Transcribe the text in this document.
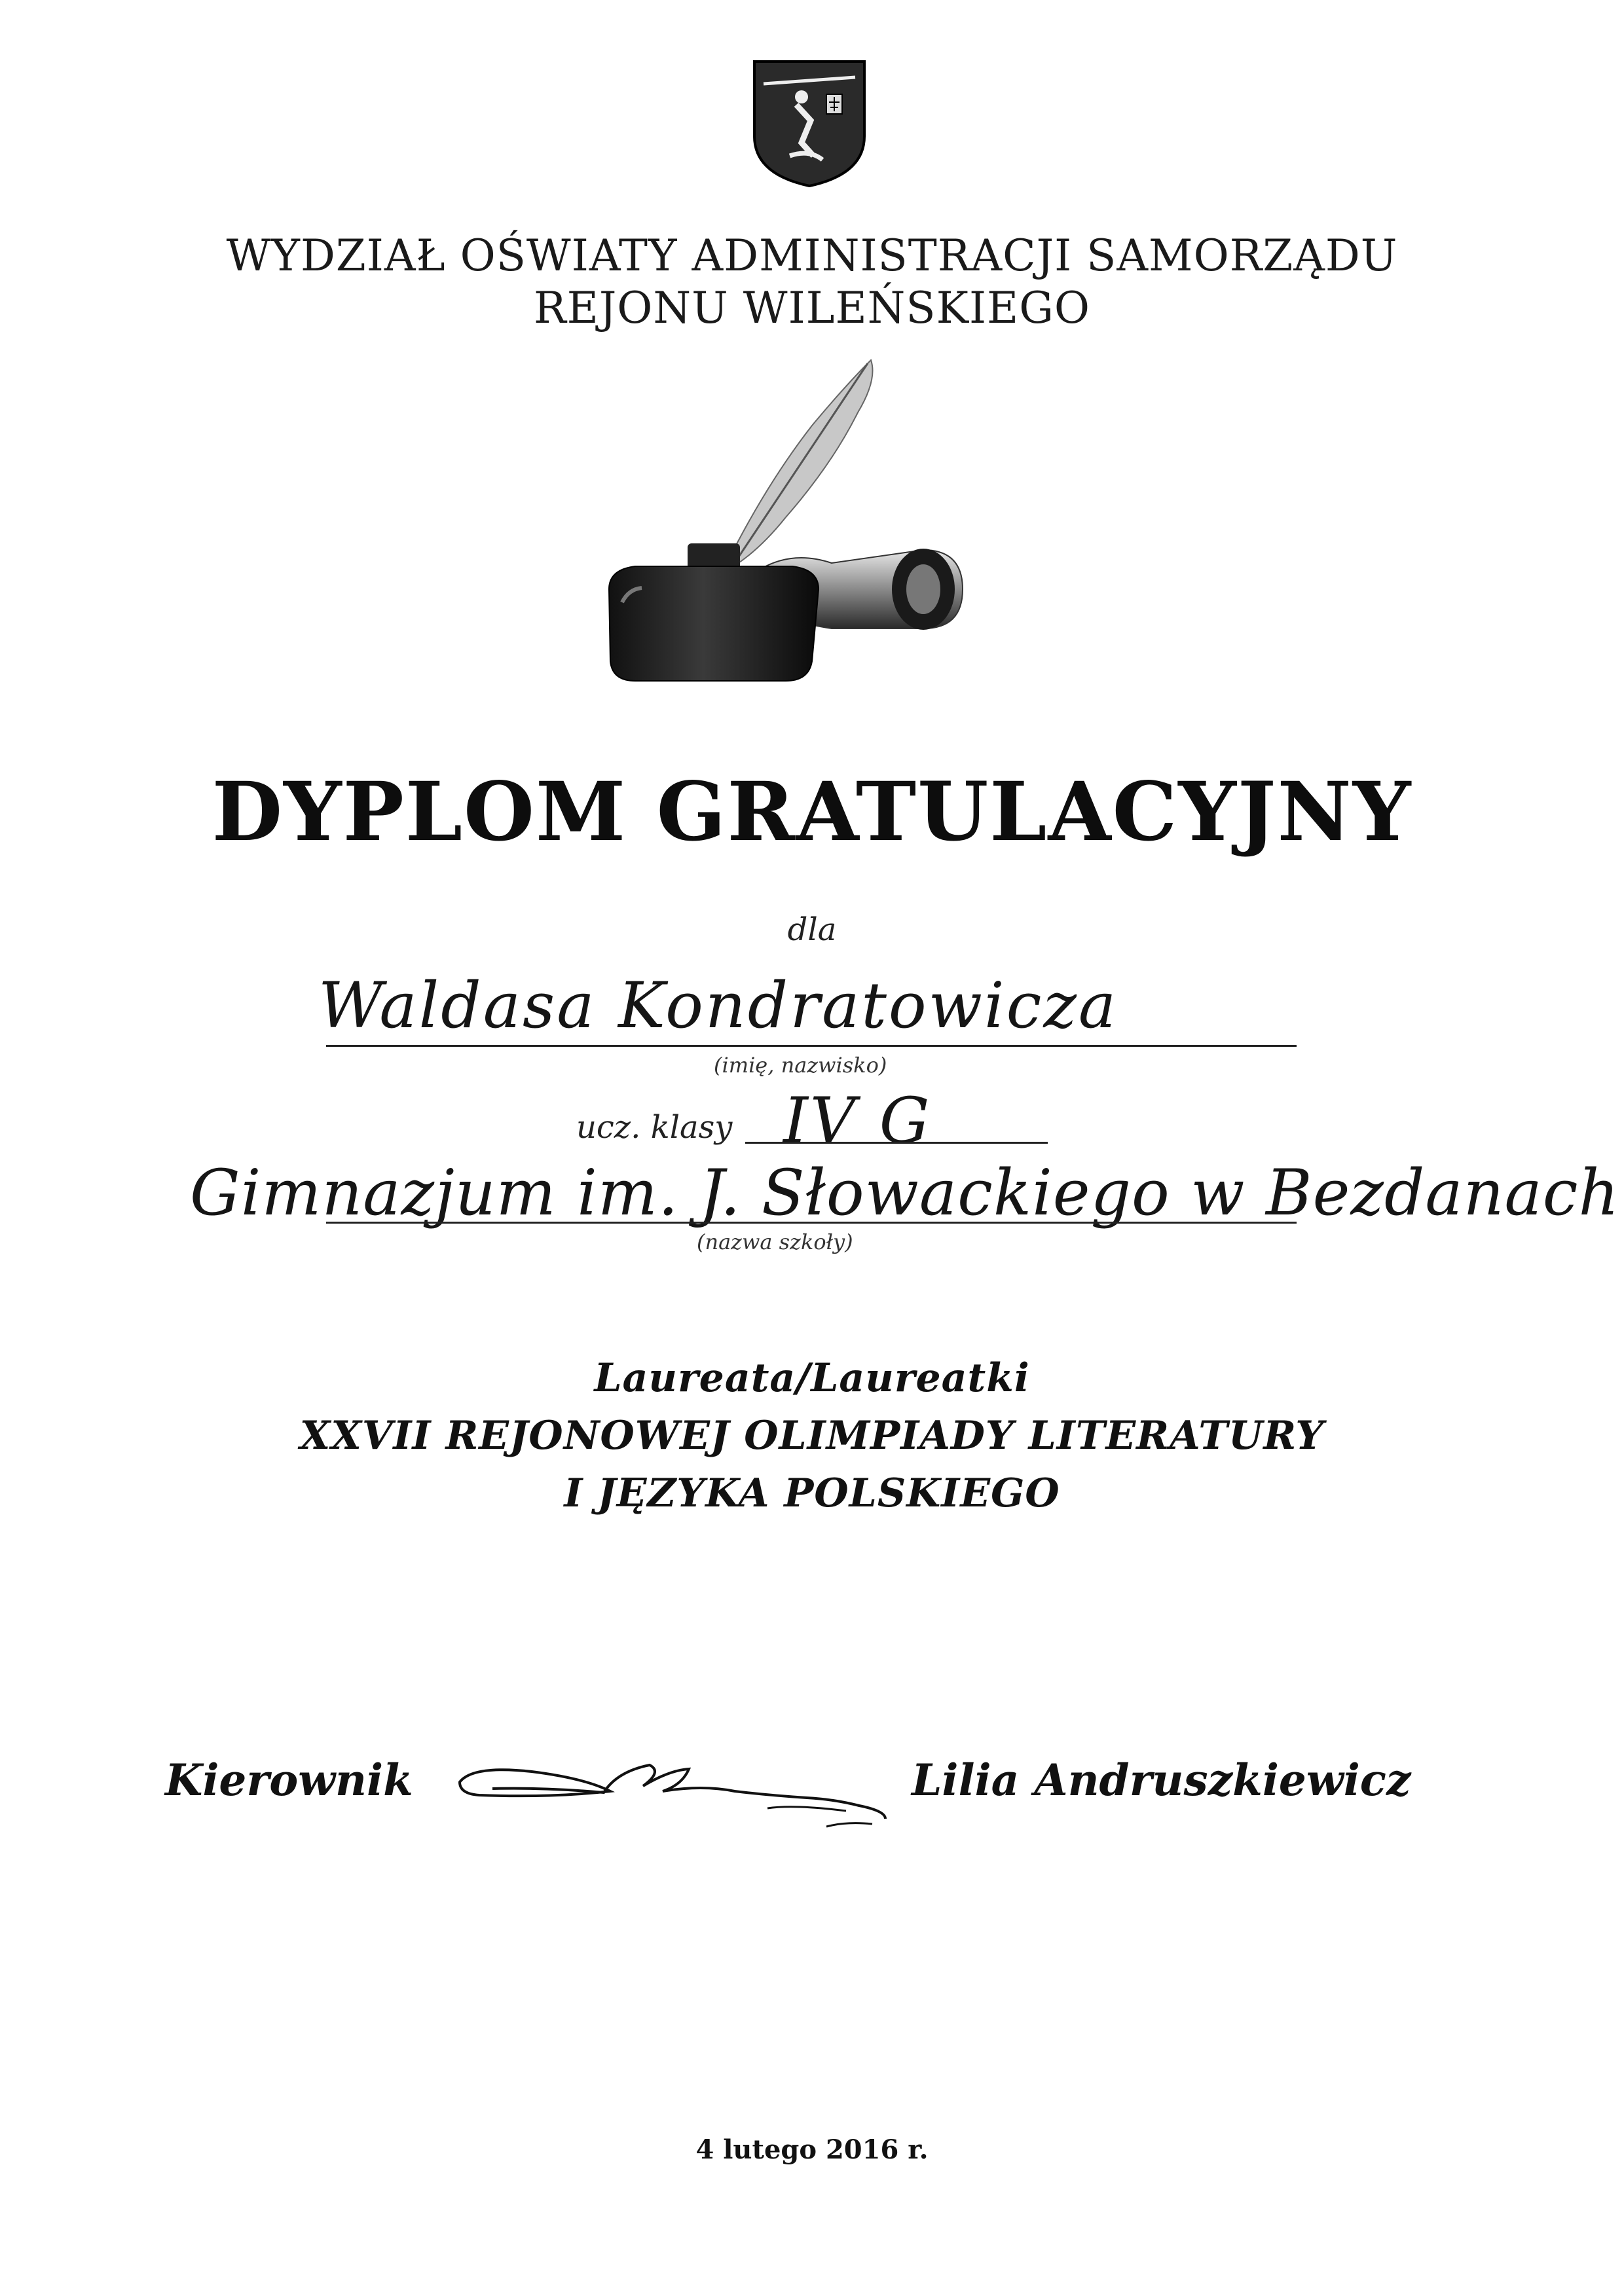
WYDZIAŁ OŚWIATY ADMINISTRACJI SAMORZĄDU
REJONU WILEŃSKIEGO
DYPLOM GRATULACYJNY
dla
Waldasa Kondratowicza
(imię, nazwisko)
ucz. klasy IV G
Gimnazjum im. J. Słowackiego w Bezdanach
(nazwa szkoły)
Laureata/Laureatki
XXVII REJONOWEJ OLIMPIADY LITERATURY
I JĘZYKA POLSKIEGO
Kierownik	Lilia Andruszkiewicz
4 lutego 2016 r.
